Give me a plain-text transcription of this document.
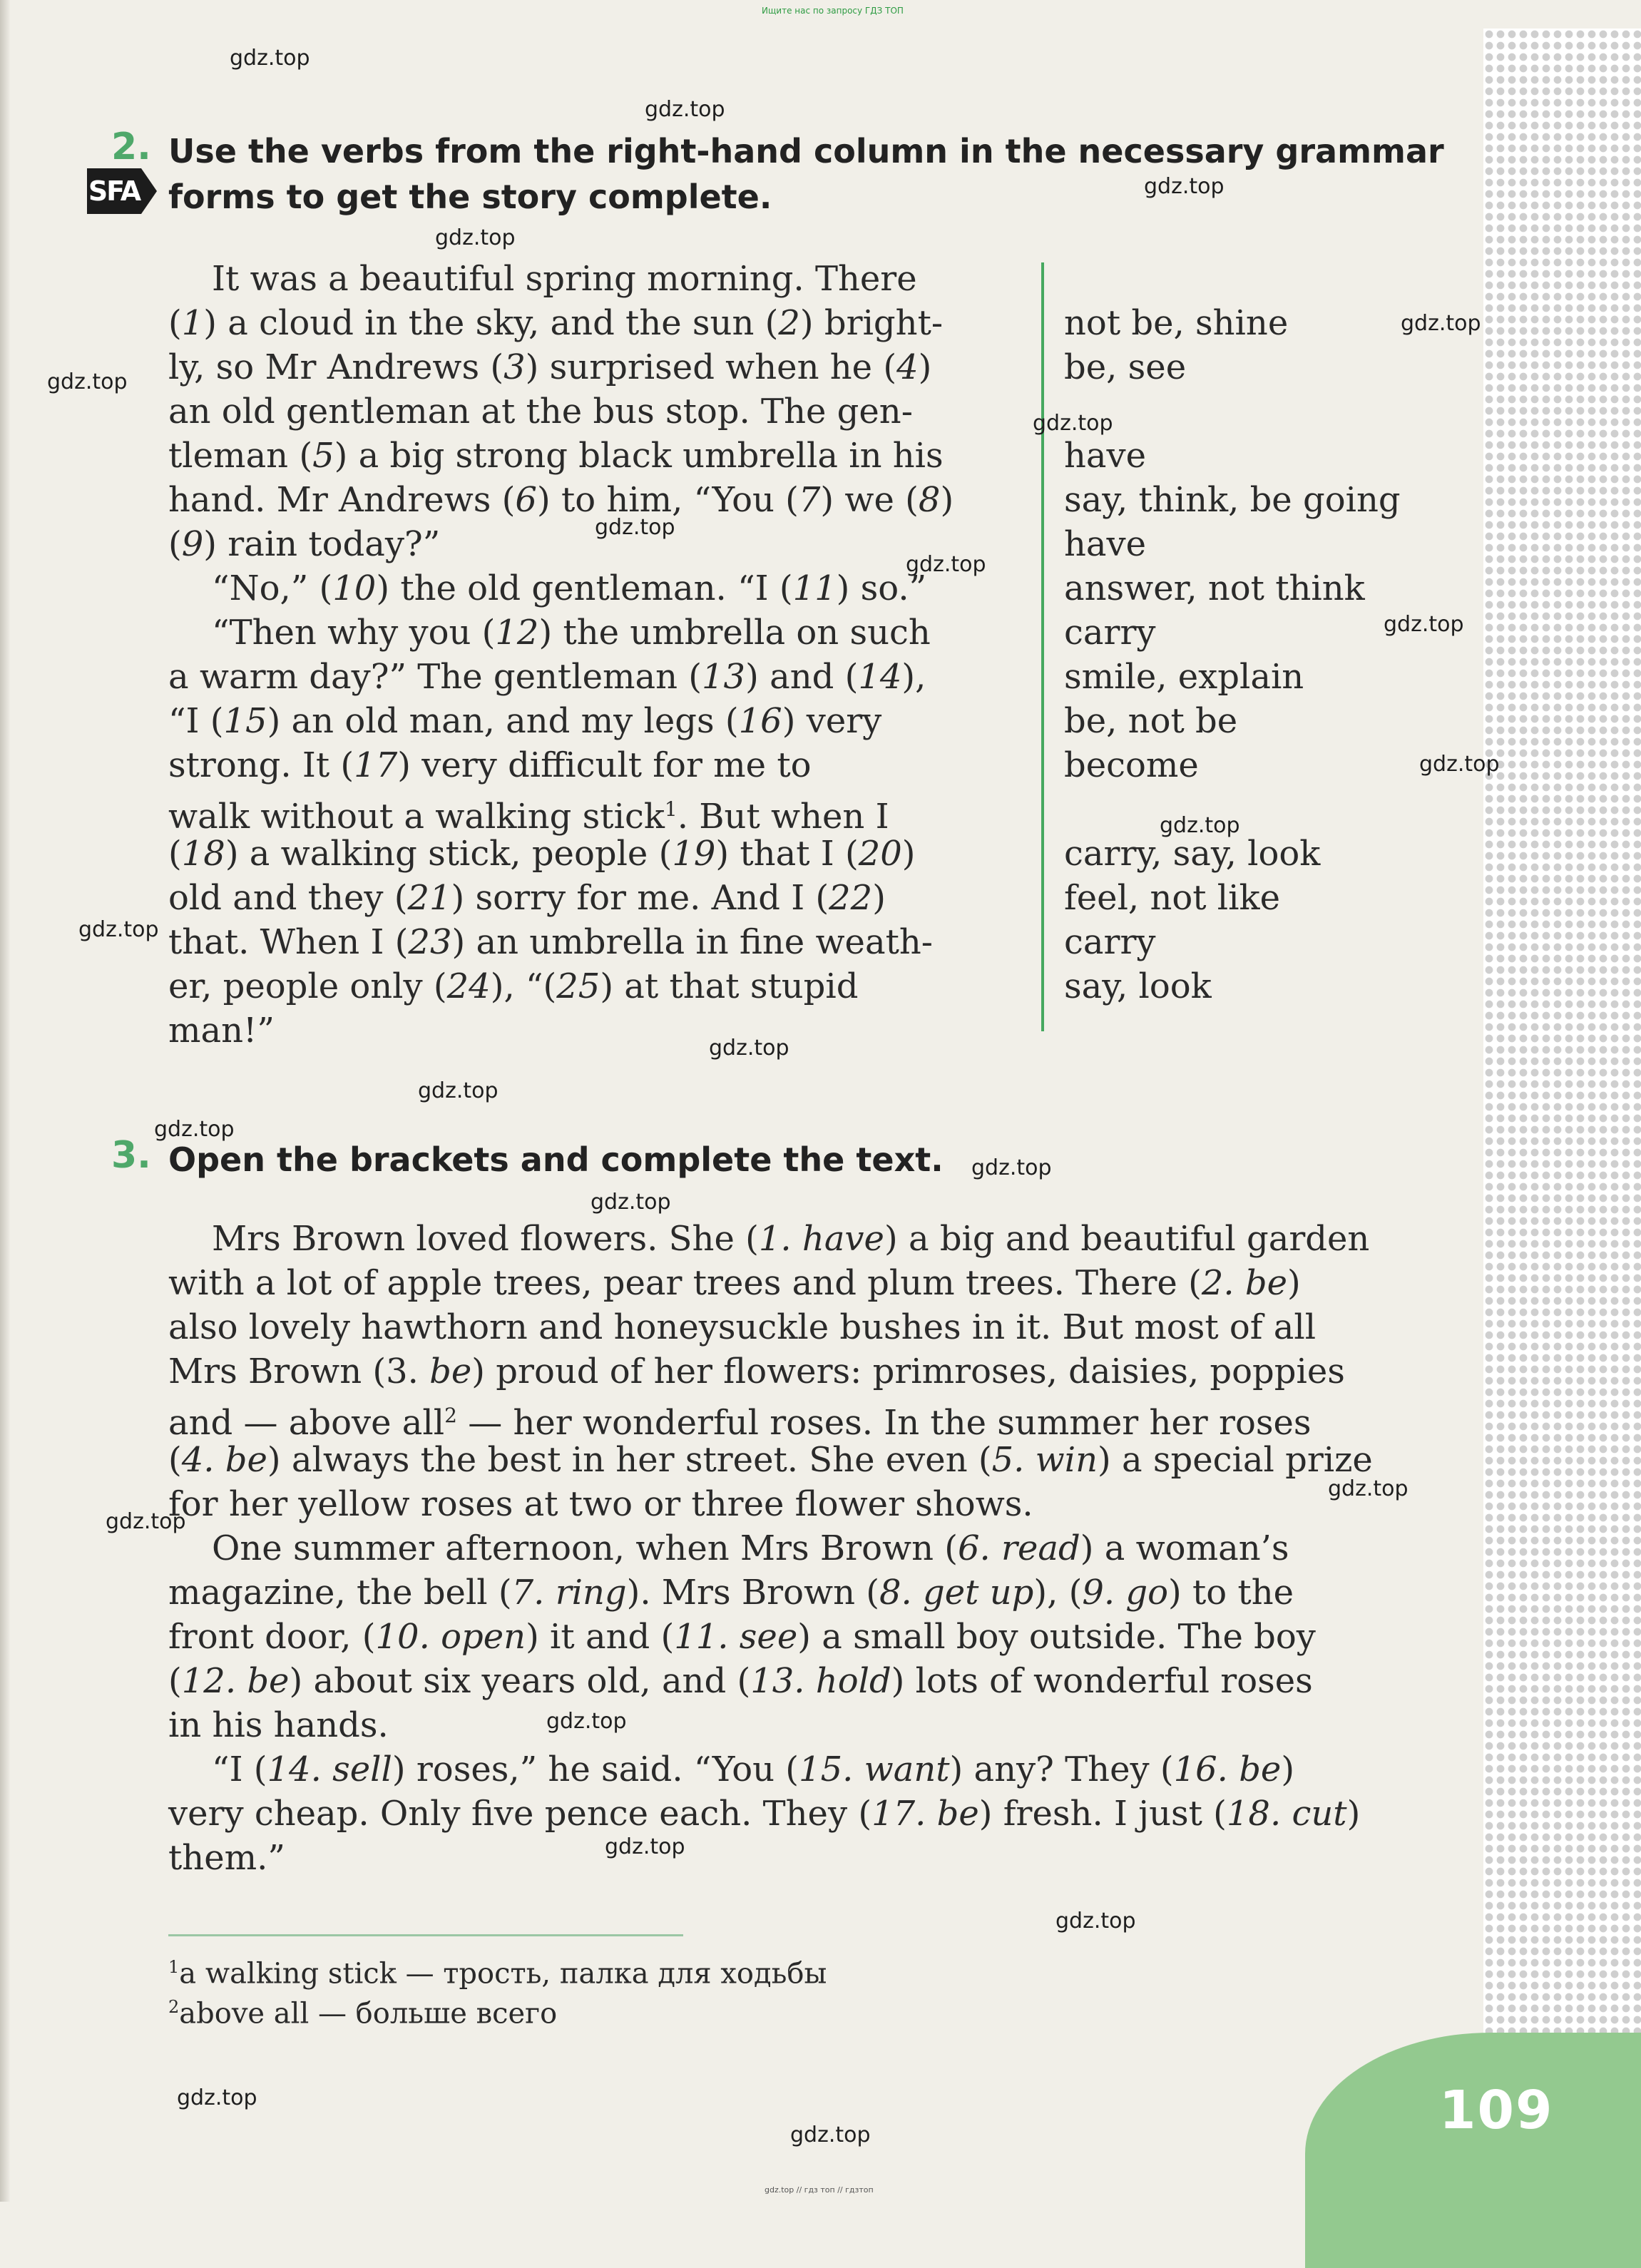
Ищите нас по запросу ГДЗ ТОП
2. Use the verbs from the right-hand column in the necessary grammar
forms to get the story complete.
SFA
It was a beautiful spring morning. There
(1) a cloud in the sky, and the sun (2) bright-
ly, so Mr Andrews (3) surprised when he (4)
an old gentleman at the bus stop. The gen-
tleman (5) a big strong black umbrella in his
hand. Mr Andrews (6) to him, “You (7) we (8)
(9) rain today?”
“No,” (10) the old gentleman. “I (11) so.”
“Then why you (12) the umbrella on such
a warm day?” The gentleman (13) and (14),
“I (15) an old man, and my legs (16) very
strong. It (17) very difficult for me to
walk without a walking stick$^1$. But when I
(18) a walking stick, people (19) that I (20)
old and they (21) sorry for me. And I (22)
that. When I (23) an umbrella in fine weath-
er, people only (24), “(25) at that stupid
man!”
not be, shine
be, see
have
say, think, be going
have
answer, not think
carry
smile, explain
be, not be
become
carry, say, look
feel, not like
carry
say, look
3. Open the brackets and complete the text.
Mrs Brown loved flowers. She (1. have) a big and beautiful garden
with a lot of apple trees, pear trees and plum trees. There (2. be)
also lovely hawthorn and honeysuckle bushes in it. But most of all
Mrs Brown (3. be) proud of her flowers: primroses, daisies, poppies
and — above all$^2$ — her wonderful roses. In the summer her roses
(4. be) always the best in her street. She even (5. win) a special prize
for her yellow roses at two or three flower shows.
One summer afternoon, when Mrs Brown (6. read) a woman’s
magazine, the bell (7. ring). Mrs Brown (8. get up), (9. go) to the
front door, (10. open) it and (11. see) a small boy outside. The boy
(12. be) about six years old, and (13. hold) lots of wonderful roses
in his hands.
“I (14. sell) roses,” he said. “You (15. want) any? They (16. be)
very cheap. Only five pence each. They (17. be) fresh. I just (18. cut)
them.”
$^1$a walking stick — трость, палка для ходьбы
$^2$above all — больше всего
gdz.top
gdz.top
gdz.top
gdz.top
gdz.top
gdz.top
gdz.top
gdz.top
gdz.top
gdz.top
gdz.top
gdz.top
gdz.top
gdz.top
gdz.top
gdz.top
gdz.top
gdz.top
gdz.top
gdz.top
gdz.top
gdz.top
gdz.top
gdz.top
gdz.top	109
gdz.top // гдз топ // гдзтоп
